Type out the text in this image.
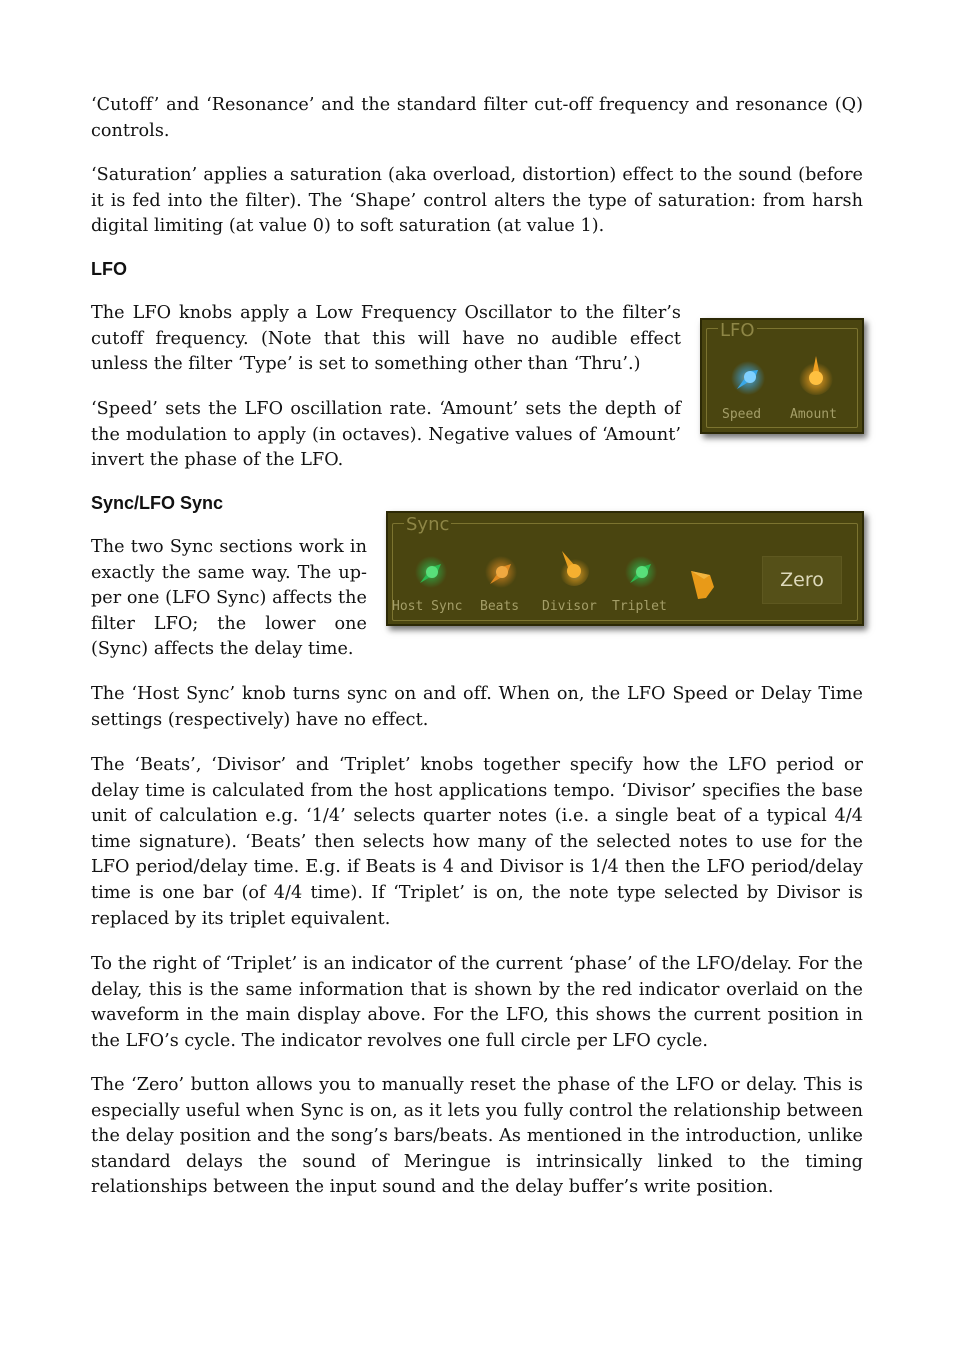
‘Cutoff’ and ‘Resonance’ and the standard filter cut-off frequency and resonance (Q) controls.

‘Saturation’ applies a saturation (aka overload, distortion) effect to the sound (before it is fed into the filter). The ‘Shape’ control alters the type of saturation: from harsh digital limiting (at value 0) to soft saturation (at value 1).

LFO

The LFO knobs apply a Low Frequency Oscillator to the filter’s cutoff frequency. (Note that this will have no audible effect unless the filter ‘Type’ is set to something other than ‘Thru’.)

‘Speed’ sets the LFO oscillation rate. ‘Amount’ sets the depth of the modulation to apply (in octaves). Negative values of ‘Amount’ invert the phase of the LFO.

LFO
Speed Amount
Sync/LFO Sync

The two Sync sections work in exactly the same way. The upper one (LFO Sync) affects the filter LFO; the lower one (Sync) affects the delay time.

Sync
Host Sync Beats Divisor Triplet
Zero

The ‘Host Sync’ knob turns sync on and off. When on, the LFO Speed or Delay Time settings (respectively) have no effect.

The ‘Beats’, ‘Divisor’ and ‘Triplet’ knobs together specify how the LFO period or delay time is calculated from the host applications tempo. ‘Divisor’ specifies the base unit of calculation e.g. ‘1/4’ selects quarter notes (i.e. a single beat of a typical 4/4 time signature). ‘Beats’ then selects how many of the selected notes to use for the LFO period/delay time. E.g. if Beats is 4 and Divisor is 1/4 then the LFO period/delay time is one bar (of 4/4 time). If ‘Triplet’ is on, the note type selected by Divisor is replaced by its triplet equivalent.

To the right of ‘Triplet’ is an indicator of the current ‘phase’ of the LFO/delay. For the delay, this is the same information that is shown by the red indicator overlaid on the waveform in the main display above. For the LFO, this shows the current position in the LFO’s cycle. The indicator revolves one full circle per LFO cycle.

The ‘Zero’ button allows you to manually reset the phase of the LFO or delay. This is especially useful when Sync is on, as it lets you fully control the relationship between the delay position and the song’s bars/beats. As mentioned in the introduction, unlike standard delays the sound of Meringue is intrinsically linked to the timing relationships between the input sound and the delay buffer’s write position.
